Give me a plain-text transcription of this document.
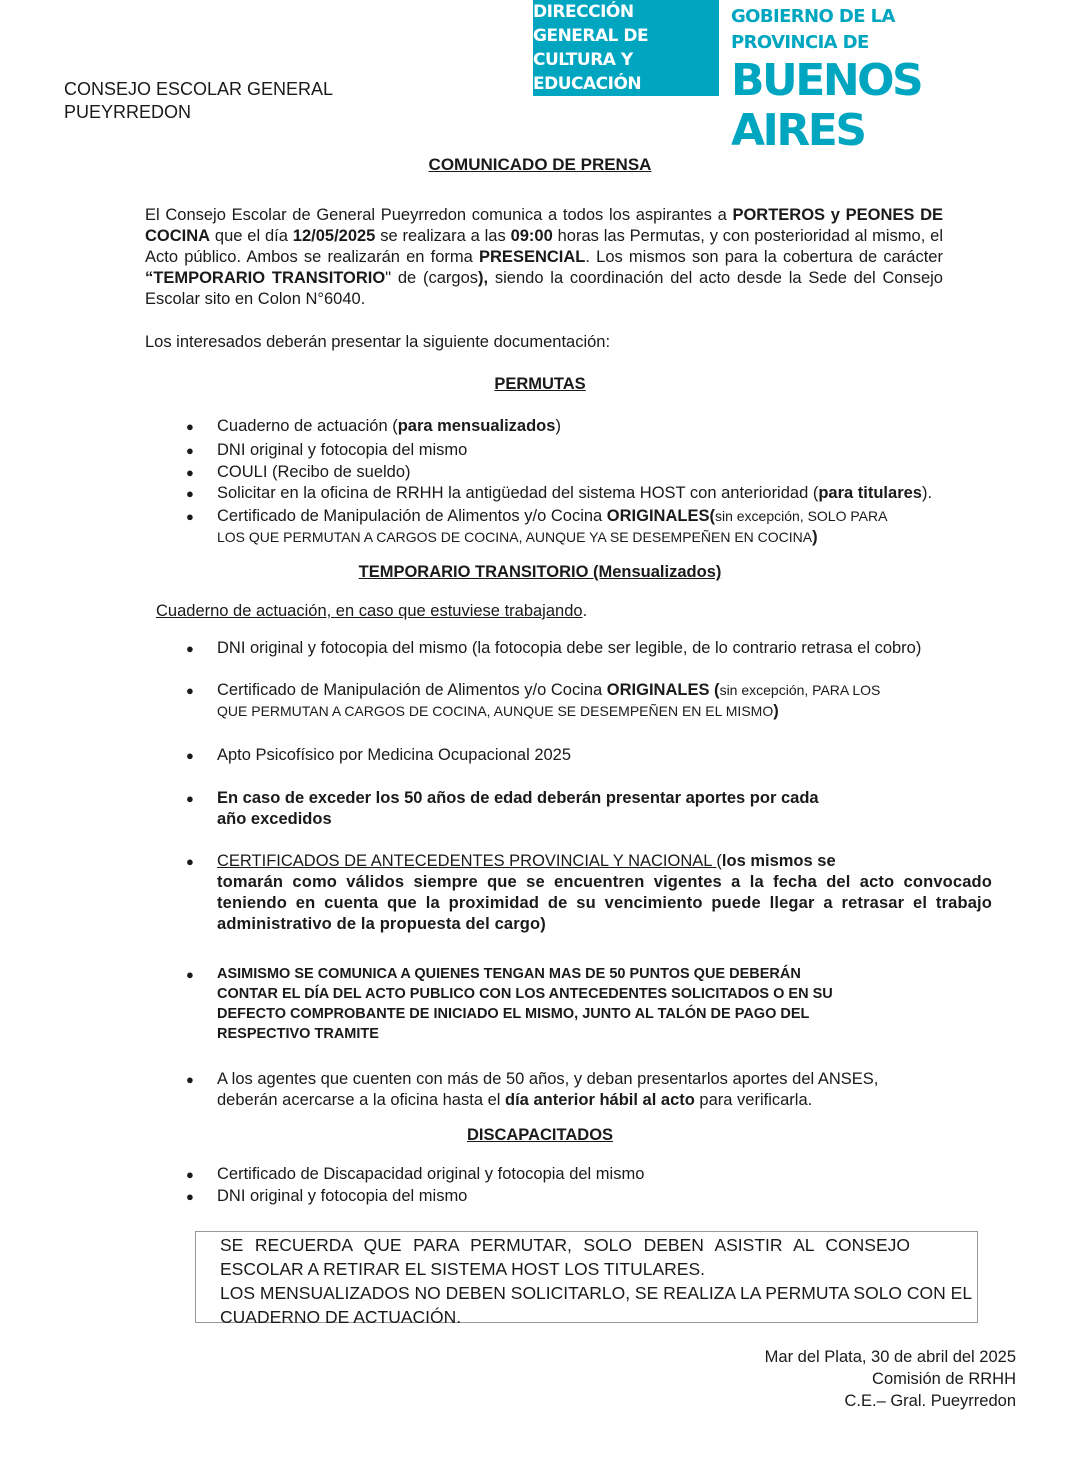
CONSEJO ESCOLAR GENERAL
PUEYRREDON
DIRECCIÓN GENERAL DE
CULTURA Y EDUCACIÓN
GOBIERNO DE LA PROVINCIA DE
BUENOS AIRES
COMUNICADO DE PRENSA
El Consejo Escolar de General Pueyrredon comunica a todos los aspirantes a PORTEROS y PEONES DE COCINA que el día 12/05/2025 se realizara a las 09:00 horas las Permutas, y con posterioridad al mismo, el Acto público. Ambos se realizarán en forma PRESENCIAL. Los mismos son para la cobertura de carácter “TEMPORARIO TRANSITORIO" de (cargos), siendo la coordinación del acto desde la Sede del Consejo Escolar sito en Colon N°6040.
Los interesados deberán presentar la siguiente documentación:
PERMUTAS
● Cuaderno de actuación (para mensualizados)
● DNI original y fotocopia del mismo
● COULI (Recibo de sueldo)
● Solicitar en la oficina de RRHH la antigüedad del sistema HOST con anterioridad (para titulares).
● Certificado de Manipulación de Alimentos y/o Cocina ORIGINALES(sin excepción, SOLO PARA
LOS QUE PERMUTAN A CARGOS DE COCINA, AUNQUE YA SE DESEMPEÑEN EN COCINA)
TEMPORARIO TRANSITORIO (Mensualizados)
Cuaderno de actuación, en caso que estuviese trabajando.
● DNI original y fotocopia del mismo (la fotocopia debe ser legible, de lo contrario retrasa el cobro)
● Certificado de Manipulación de Alimentos y/o Cocina ORIGINALES (sin excepción, PARA LOS
QUE PERMUTAN A CARGOS DE COCINA, AUNQUE SE DESEMPEÑEN EN EL MISMO)
● Apto Psicofísico por Medicina Ocupacional 2025
● En caso de exceder los 50 años de edad deberán presentar aportes por cada
año excedidos
● CERTIFICADOS DE ANTECEDENTES PROVINCIAL Y NACIONAL (los mismos se
tomarán como válidos siempre que se encuentren vigentes a la fecha del acto convocado teniendo en cuenta que la proximidad de su vencimiento puede llegar a retrasar el trabajo administrativo de la propuesta del cargo)
● ASIMISMO SE COMUNICA A QUIENES TENGAN MAS DE 50 PUNTOS QUE DEBERÁN
CONTAR EL DÍA DEL ACTO PUBLICO CON LOS ANTECEDENTES SOLICITADOS O EN SU
DEFECTO COMPROBANTE DE INICIADO EL MISMO, JUNTO AL TALÓN DE PAGO DEL
RESPECTIVO TRAMITE
● A los agentes que cuenten con más de 50 años, y deban presentarlos aportes del ANSES,
deberán acercarse a la oficina hasta el día anterior hábil al acto para verificarla.
DISCAPACITADOS
● Certificado de Discapacidad original y fotocopia del mismo
● DNI original y fotocopia del mismo
SE RECUERDA QUE PARA PERMUTAR, SOLO DEBEN ASISTIR AL CONSEJO
ESCOLAR A RETIRAR EL SISTEMA HOST LOS TITULARES.
LOS MENSUALIZADOS NO DEBEN SOLICITARLO, SE REALIZA LA PERMUTA SOLO CON EL
CUADERNO DE ACTUACIÓN.
Mar del Plata, 30 de abril del 2025
Comisión de RRHH
C.E.– Gral. Pueyrredon
